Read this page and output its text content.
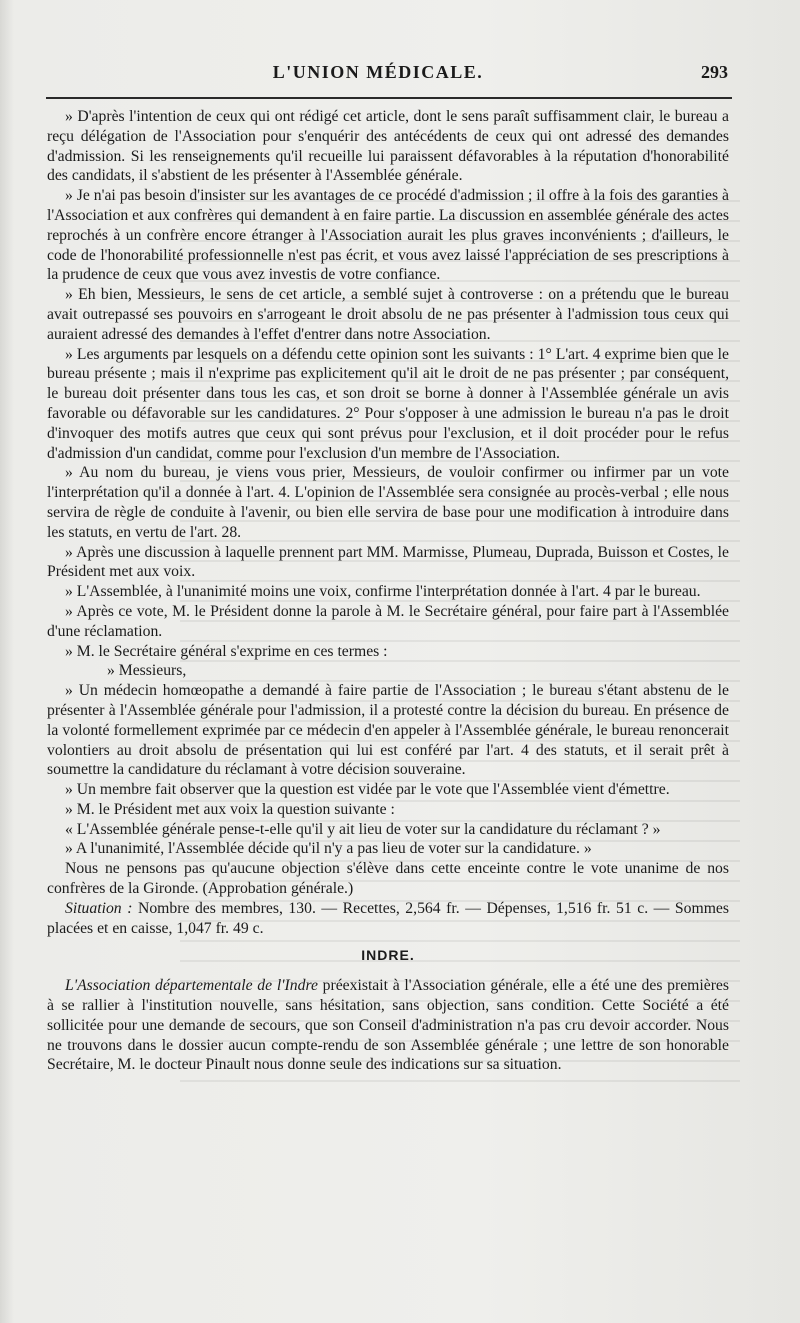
L'UNION MÉDICALE.	293

» D'après l'intention de ceux qui ont rédigé cet article, dont le sens paraît suffisamment clair, le bureau a reçu délégation de l'Association pour s'enquérir des antécédents de ceux qui ont adressé des demandes d'admission. Si les renseignements qu'il recueille lui paraissent défavorables à la réputation d'honorabilité des candidats, il s'abstient de les présenter à l'Assemblée générale.

» Je n'ai pas besoin d'insister sur les avantages de ce procédé d'admission ; il offre à la fois des garanties à l'Association et aux confrères qui demandent à en faire partie. La discussion en assemblée générale des actes reprochés à un confrère encore étranger à l'Association aurait les plus graves inconvénients ; d'ailleurs, le code de l'honorabilité professionnelle n'est pas écrit, et vous avez laissé l'appréciation de ses prescriptions à la prudence de ceux que vous avez investis de votre confiance.

» Eh bien, Messieurs, le sens de cet article, a semblé sujet à controverse : on a prétendu que le bureau avait outrepassé ses pouvoirs en s'arrogeant le droit absolu de ne pas présenter à l'admission tous ceux qui auraient adressé des demandes à l'effet d'entrer dans notre Association.

» Les arguments par lesquels on a défendu cette opinion sont les suivants : 1° L'art. 4 exprime bien que le bureau présente ; mais il n'exprime pas explicitement qu'il ait le droit de ne pas présenter ; par conséquent, le bureau doit présenter dans tous les cas, et son droit se borne à donner à l'Assemblée générale un avis favorable ou défavorable sur les candidatures. 2° Pour s'opposer à une admission le bureau n'a pas le droit d'invoquer des motifs autres que ceux qui sont prévus pour l'exclusion, et il doit procéder pour le refus d'admission d'un candidat, comme pour l'exclusion d'un membre de l'Association.

» Au nom du bureau, je viens vous prier, Messieurs, de vouloir confirmer ou infirmer par un vote l'interprétation qu'il a donnée à l'art. 4. L'opinion de l'Assemblée sera consignée au procès-verbal ; elle nous servira de règle de conduite à l'avenir, ou bien elle servira de base pour une modification à introduire dans les statuts, en vertu de l'art. 28.

» Après une discussion à laquelle prennent part MM. Marmisse, Plumeau, Duprada, Buisson et Costes, le Président met aux voix.

» L'Assemblée, à l'unanimité moins une voix, confirme l'interprétation donnée à l'art. 4 par le bureau.

» Après ce vote, M. le Président donne la parole à M. le Secrétaire général, pour faire part à l'Assemblée d'une réclamation.

» M. le Secrétaire général s'exprime en ces termes :

» Messieurs,

» Un médecin homœopathe a demandé à faire partie de l'Association ; le bureau s'étant abstenu de le présenter à l'Assemblée générale pour l'admission, il a protesté contre la décision du bureau. En présence de la volonté formellement exprimée par ce médecin d'en appeler à l'Assemblée générale, le bureau renoncerait volontiers au droit absolu de présentation qui lui est conféré par l'art. 4 des statuts, et il serait prêt à soumettre la candidature du réclamant à votre décision souveraine.

» Un membre fait observer que la question est vidée par le vote que l'Assemblée vient d'émettre.

» M. le Président met aux voix la question suivante :

« L'Assemblée générale pense-t-elle qu'il y ait lieu de voter sur la candidature du réclamant ? »

» A l'unanimité, l'Assemblée décide qu'il n'y a pas lieu de voter sur la candidature. »

Nous ne pensons pas qu'aucune objection s'élève dans cette enceinte contre le vote unanime de nos confrères de la Gironde. (Approbation générale.)

Situation : Nombre des membres, 130. — Recettes, 2,564 fr. — Dépenses, 1,516 fr. 51 c. — Sommes placées et en caisse, 1,047 fr. 49 c.

INDRE.

L'Association départementale de l'Indre préexistait à l'Association générale, elle a été une des premières à se rallier à l'institution nouvelle, sans hésitation, sans objection, sans condition. Cette Société a été sollicitée pour une demande de secours, que son Conseil d'administration n'a pas cru devoir accorder. Nous ne trouvons dans le dossier aucun compte-rendu de son Assemblée générale ; une lettre de son honorable Secrétaire, M. le docteur Pinault nous donne seule des indications sur sa situation.
